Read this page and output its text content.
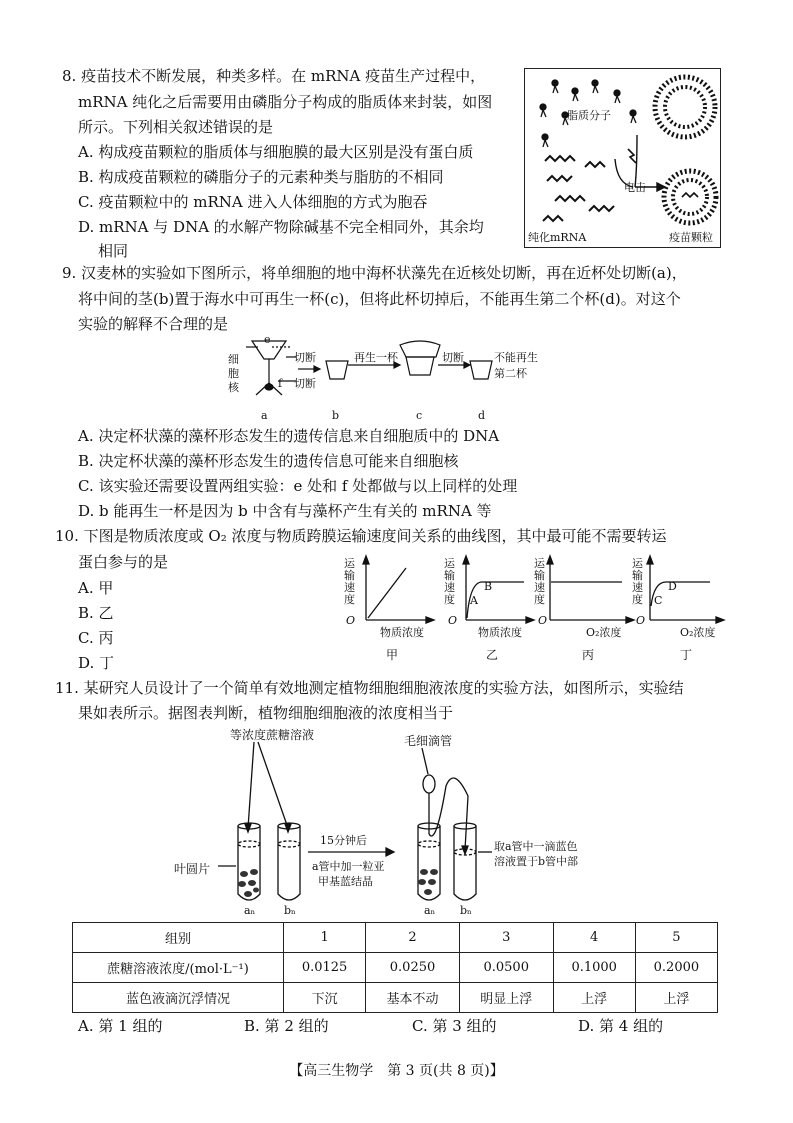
8. 疫苗技术不断发展，种类多样。在 mRNA 疫苗生产过程中，
mRNA 纯化之后需要用由磷脂分子构成的脂质体来封装，如图
所示。下列相关叙述错误的是
A. 构成疫苗颗粒的脂质体与细胞膜的最大区别是没有蛋白质
B. 构成疫苗颗粒的磷脂分子的元素种类与脂肪的不相同
C. 疫苗颗粒中的 mRNA 进入人体细胞的方式为胞吞
D. mRNA 与 DNA 的水解产物除碱基不完全相同外，其余均
相同
脂质分子
电击
纯化mRNA	疫苗颗粒
9. 汉麦林的实验如下图所示，将单细胞的地中海杯状藻先在近核处切断，再在近杯处切断(a)，
将中间的茎(b)置于海水中可再生一杯(c)，但将此杯切掉后，不能再生第二个杯(d)。对这个
实验的解释不合理的是
细
胞
核
e
f
切断
切断
再生一杯	切断	不能再生
第二杯
a	b	c	d
A. 决定杯状藻的藻杯形态发生的遗传信息来自细胞质中的 DNA
B. 决定杯状藻的藻杯形态发生的遗传信息可能来自细胞核
C. 该实验还需要设置两组实验：e 处和 f 处都做与以上同样的处理
D. b 能再生一杯是因为 b 中含有与藻杯产生有关的 mRNA 等
10. 下图是物质浓度或 O₂ 浓度与物质跨膜运输速度间关系的曲线图，其中最可能不需要转运
蛋白参与的是
A. 甲
B. 乙
C. 丙
D. 丁
运
输
速
度
运
输
速
度
运
输
速
度
运
输
速
度
O	O	O	O
A
B
C
D
物质浓度	物质浓度	O₂浓度	O₂浓度
甲	乙	丙	丁
11. 某研究人员设计了一个简单有效地测定植物细胞细胞液浓度的实验方法，如图所示，实验结
果如表所示。据图表判断，植物细胞细胞液的浓度相当于
等浓度蔗糖溶液	毛细滴管
叶圆片
15分钟后
a管中加一粒亚
甲基蓝结晶
取a管中一滴蓝色
溶液置于b管中部
aₙ	bₙ	aₙ bₙ
组别	1	2	3	4	5
蔗糖溶液浓度/(mol·L⁻¹)	0.0125	0.0250	0.0500	0.1000	0.2000
蓝色液滴沉浮情况	下沉	基本不动	明显上浮	上浮	上浮
A. 第 1 组的	B. 第 2 组的	C. 第 3 组的	D. 第 4 组的
【高三生物学　第 3 页(共 8 页)】
